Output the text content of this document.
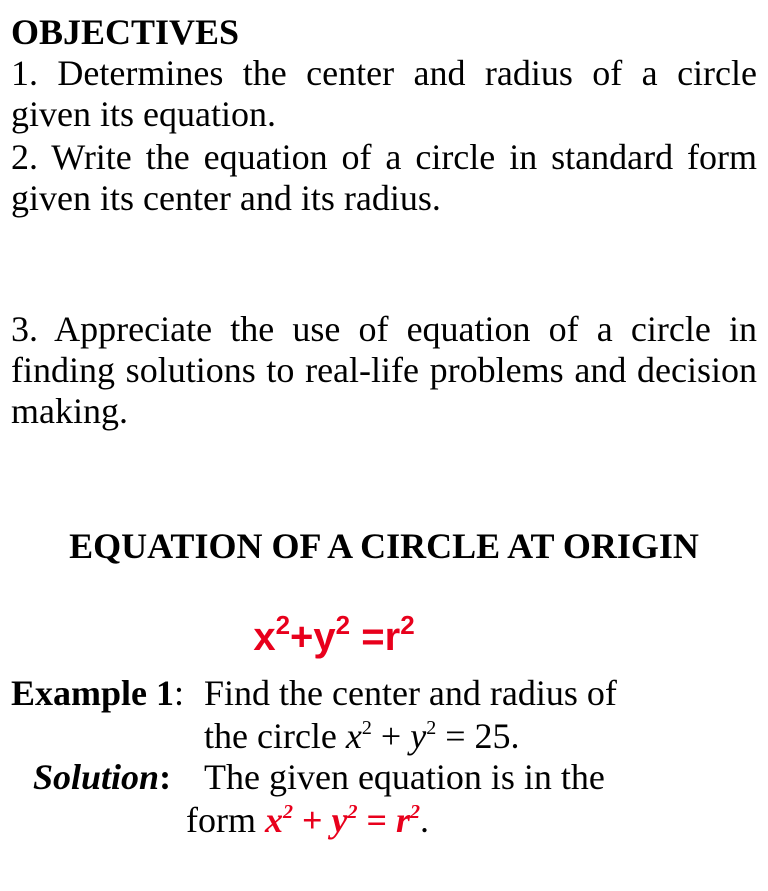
OBJECTIVES
1. Determines the center and radius of a circle given its equation.
2. Write the equation of a circle in standard form given its center and its radius.
3. Appreciate the use of equation of a circle in finding solutions to real-life problems and decision making.
EQUATION OF A CIRCLE AT ORIGIN
$x^2+y^2 =r^2$
Example 1: Find the center and radius of
the circle $x^2 + y^2 = 25$.
Solution: The given equation is in the
form $x^2 + y^2 = r^2$.
